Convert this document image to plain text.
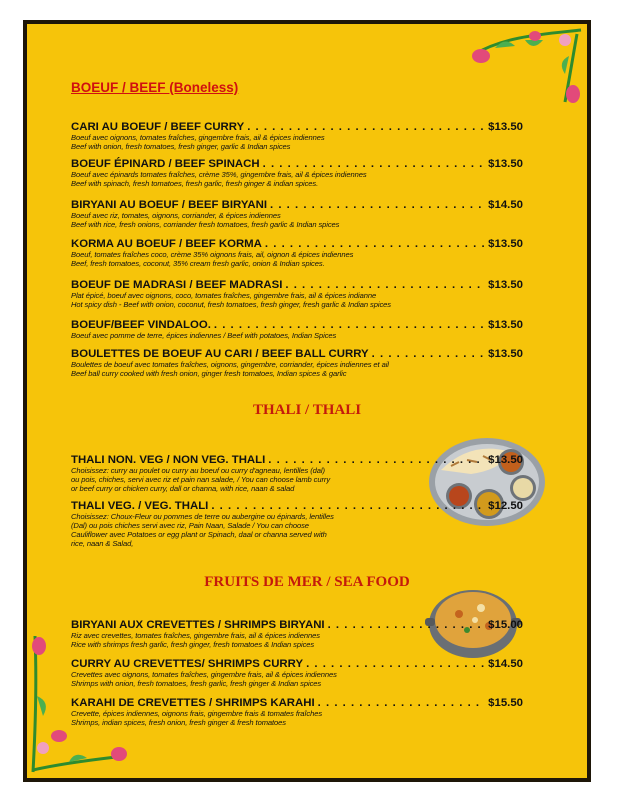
BOEUF / BEEF (Boneless)
CARI AU BOEUF / BEEF CURRY . . .	$13.50
Boeuf avec oignons, tomates fraîches, gingembre frais, ail & épices indiennes
Beef with onion, fresh tomatoes, fresh ginger, garlic & Indian spices
BOEUF ÉPINARD / BEEF SPINACH . . .	$13.50
Boeuf avec épinards tomates fraîches, crème 35%, gingembre frais, ail & épices indiennes
Beef with spinach, fresh tomatoes, fresh garlic, fresh ginger & indian spices.
BIRYANI AU BOEUF / BEEF BIRYANI . . .	$14.50
Boeuf avec riz, tomates, oignons, corriander, & épices indiennes
Beef with rice, fresh onions, corriander fresh tomatoes, fresh garlic & Indian spices
KORMA AU BOEUF / BEEF KORMA . . .	$13.50
Boeuf, tomates fraîches coco, crème 35% oignons frais, ail, oignon & épices indiennes
Beef, fresh tomatoes, coconut, 35% cream fresh garlic, onion & Indian spices.
BOEUF DE MADRASI / BEEF MADRASI . . .	$13.50
Plat épicé, boeuf avec oignons, coco, tomates fraîches, gingembre frais, ail & épices indianne
Hot spicy dish - Beef with onion, coconut, fresh tomatoes, fresh ginger, fresh garlic & Indian spices
BOEUF/BEEF VINDALOO. . . .	$13.50
Boeuf avec pomme de terre, épices indiennes / Beef with potatoes, Indian Spices
BOULETTES DE BOEUF AU CARI / BEEF BALL CURRY . . .	$13.50
Boulettes de boeuf avec tomates fraîches, oignons, gingembre, corriander, épices indiennes et ail
Beef ball curry cooked with fresh onion, ginger fresh tomatoes, Indian spices & garlic
THALI / THALI
THALI NON. VEG / NON VEG. THALI . . .	$13.50
Choisissez: curry au poulet ou curry au boeuf ou curry d'agneau, lentilles (dal)
ou pois, chiches, servi avec riz et pain nan salade, / You can choose lamb curry
or beef curry or chicken curry, dall or channa, with rice, naan & salad
THALI VEG. / VEG. THALI . . .	$12.50
Choisissez: Choux-Fleur ou pommes de terre ou aubergine ou épinards, lentilles
(Dal) ou pois chiches servi avec riz, Pain Naan, Salade / You can choose
Cauliflower avec Potatoes or egg plant or Spinach, daal or channa served with
rice, naan & Salad,
FRUITS DE MER / SEA FOOD
BIRYANI AUX CREVETTES / SHRIMPS BIRYANI . . .	$15.00
Riz avec crevettes, tomates fraîches, gingembre frais, ail & épices indiennes
Rice with shrimps fresh garlic, fresh ginger, fresh tomatoes & Indian spices
CURRY AU CREVETTES/ SHRIMPS CURRY . . .	$14.50
Crevettes avec oignons, tomates fraîches, gingembre frais, ail & épices indiennes
Shrimps with onion, fresh tomatoes, fresh garlic, fresh ginger & Indian spices
KARAHI DE CREVETTES / SHRIMPS KARAHI . . .	$15.50
Crevette, épices indiennes, oignons frais, gingembre frais & tomates fraîches
Shrimps, indian spices, fresh onion, fresh ginger & fresh tomatoes
